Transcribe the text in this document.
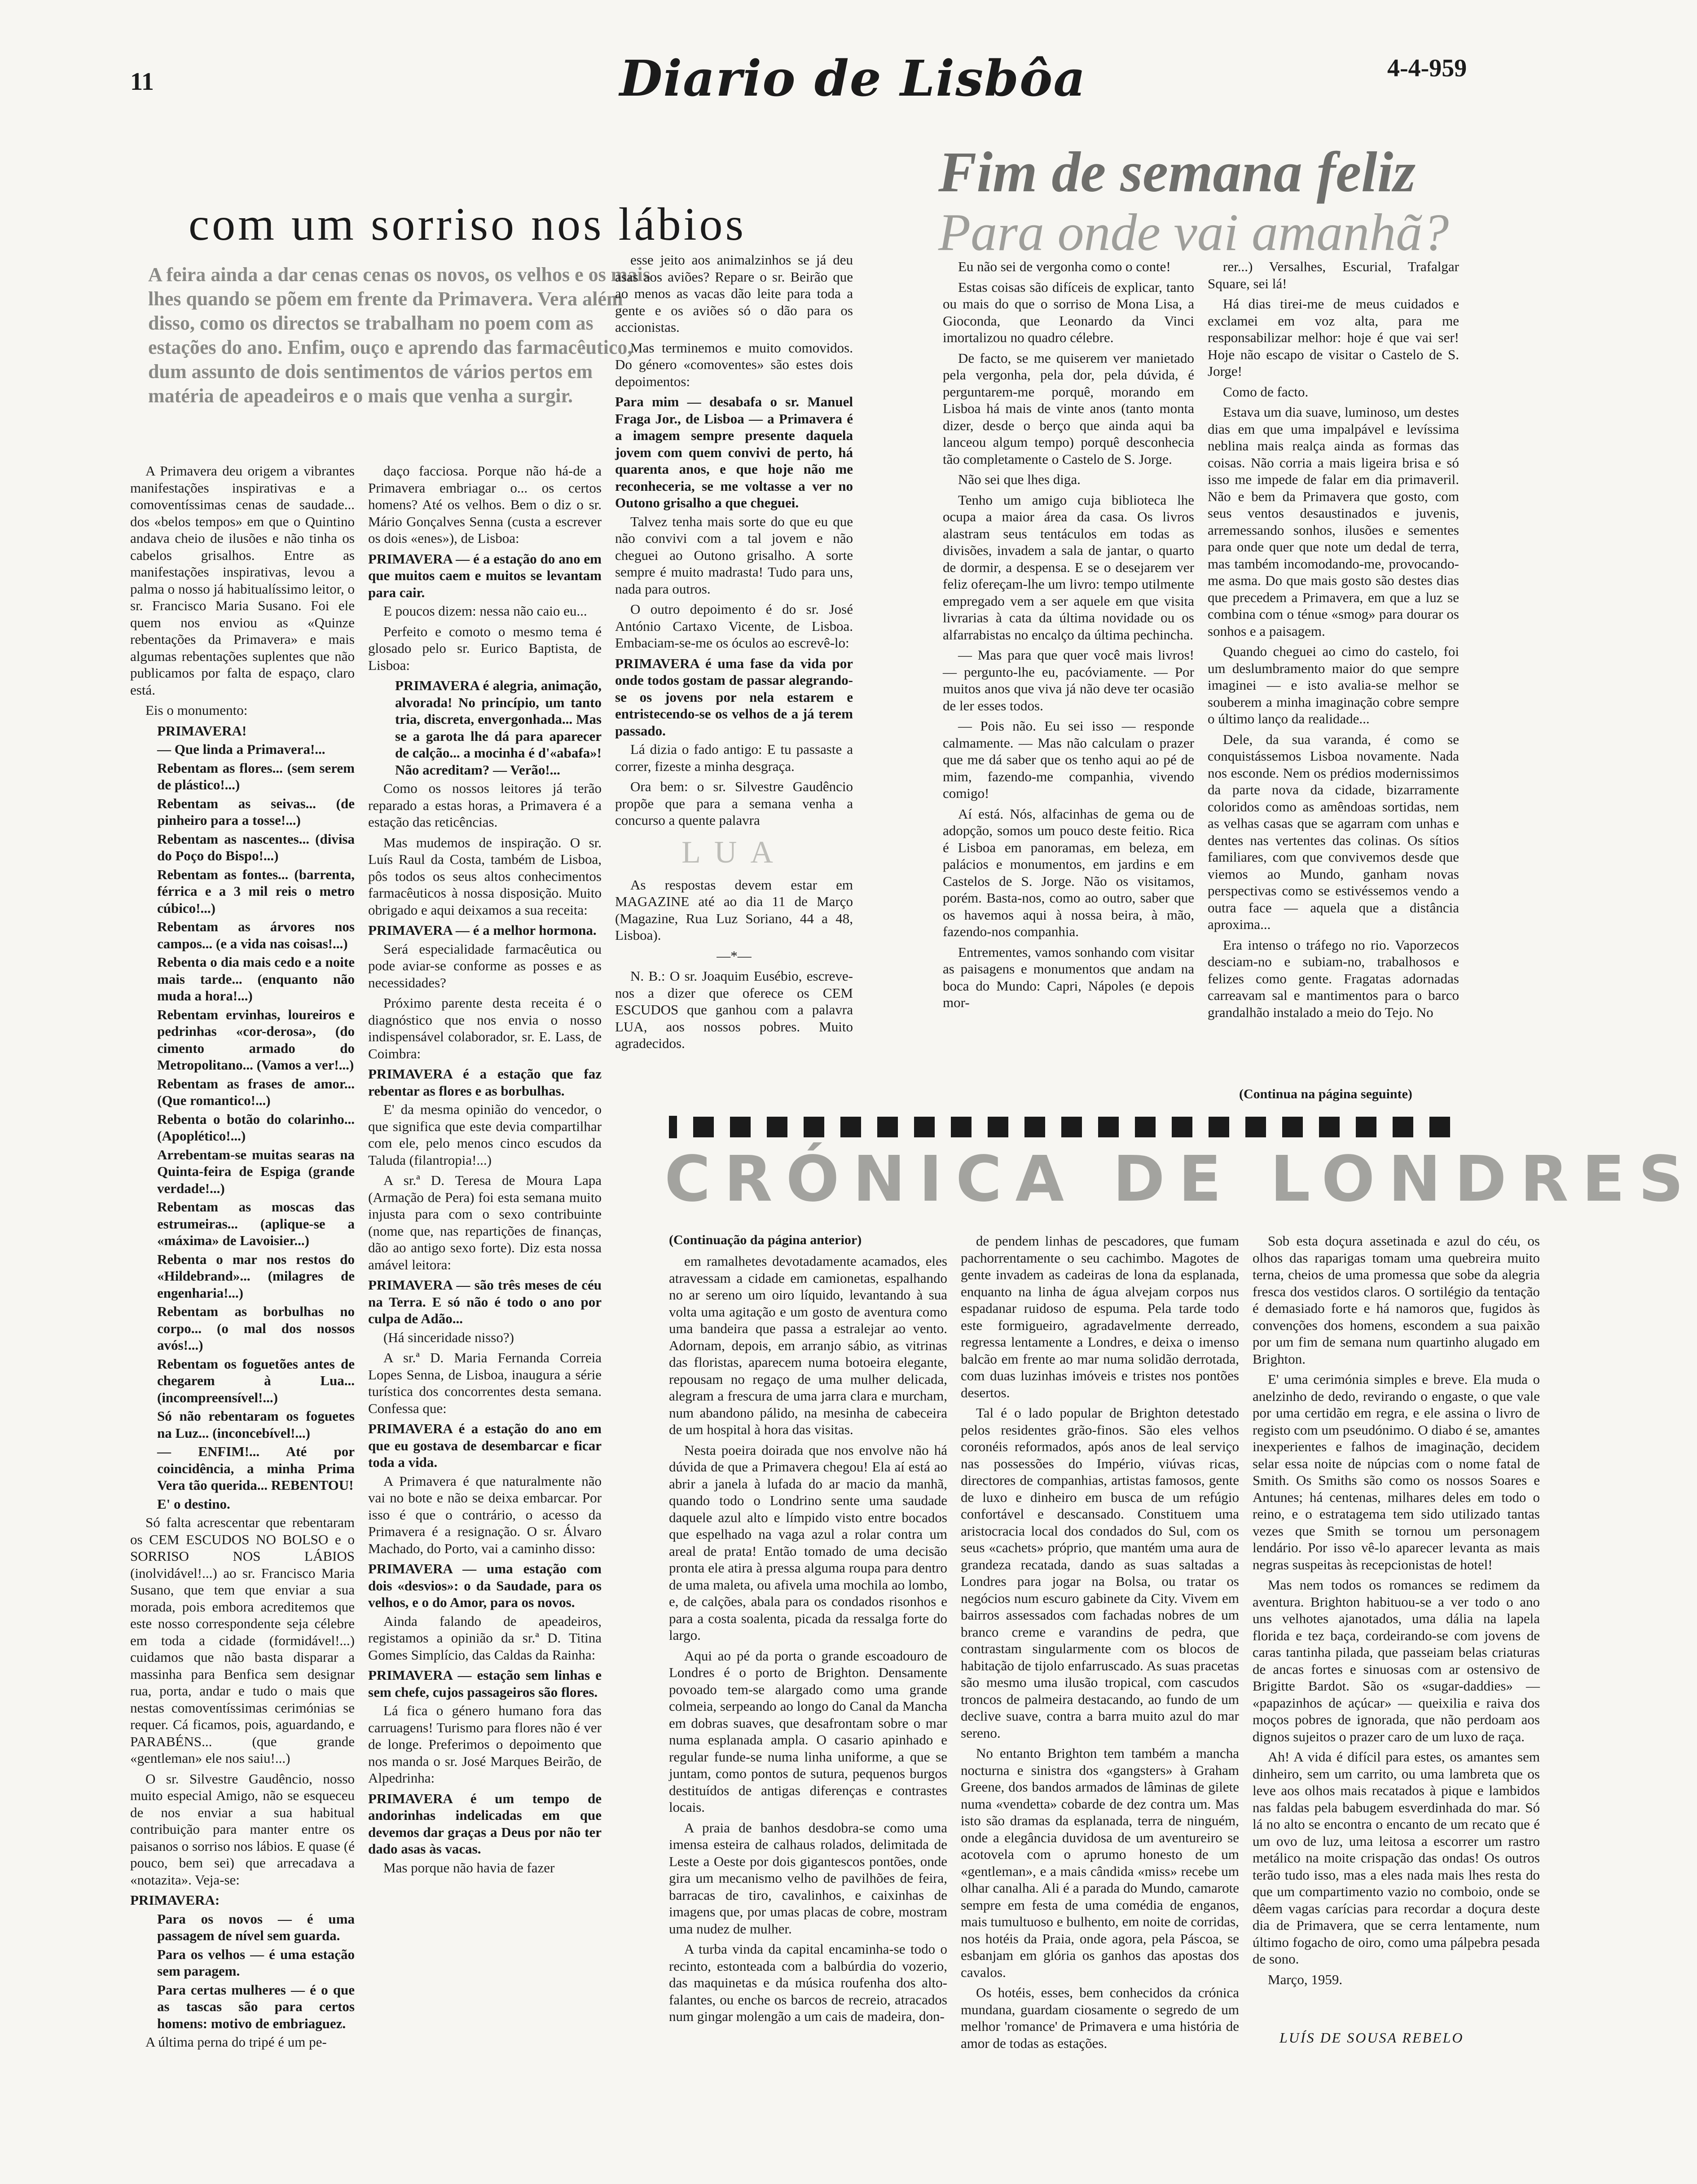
11	Diario de Lisbôa	4-4-959
com um sorriso nos lábios
A feira ainda a dar cenas cenas os novos, os velhos e os mais lhes quando se põem em frente da Primavera. Vera além disso, como os directos se trabalham no poem com as estações do ano. Enfim, ouço e aprendo das farmacêutico, dum assunto de dois sentimentos de vários pertos em matéria de apeadeiros e o mais que venha a surgir.

A Primavera deu origem a vibrantes manifestações inspirativas e a comoventíssimas cenas de saudade... dos «belos tempos» em que o Quintino andava cheio de ilusões e não tinha os cabelos grisalhos. Entre as manifestações inspirativas, levou a palma o nosso já habitualíssimo leitor, o sr. Francisco Maria Susano. Foi ele quem nos enviou as «Quinze rebentações da Primavera» e mais algumas rebentações suplentes que não publicamos por falta de espaço, claro está.

Eis o monumento:

PRIMAVERA!

— Que linda a Primavera!...

Rebentam as flores... (sem serem de plástico!...)

Rebentam as seivas... (de pinheiro para a tosse!...)

Rebentam as nascentes... (divisa do Poço do Bispo!...)

Rebentam as fontes... (barrenta, férrica e a 3 mil reis o metro cúbico!...)

Rebentam as árvores nos campos... (e a vida nas coisas!...)

Rebenta o dia mais cedo e a noite mais tarde... (enquanto não muda a hora!...)

Rebentam ervinhas, loureiros e pedrinhas «cor-derosa», (do cimento armado do Metropolitano... (Vamos a ver!...)

Rebentam as frases de amor... (Que romantico!...)

Rebenta o botão do colarinho... (Apoplético!...)

Arrebentam-se muitas searas na Quinta-feira de Espiga (grande verdade!...)

Rebentam as moscas das estrumeiras... (aplique-se a «máxima» de Lavoisier...)

Rebenta o mar nos restos do «Hildebrand»... (milagres de engenharia!...)

Rebentam as borbulhas no corpo... (o mal dos nossos avós!...)

Rebentam os foguetões antes de chegarem à Lua... (incompreensível!...)

Só não rebentaram os foguetes na Luz... (inconcebível!...)

— ENFIM!... Até por coincidência, a minha Prima Vera tão querida... REBENTOU!

E' o destino.

Só falta acrescentar que rebentaram os CEM ESCUDOS NO BOLSO e o SORRISO NOS LÁBIOS (inolvidável!...) ao sr. Francisco Maria Susano, que tem que enviar a sua morada, pois embora acreditemos que este nosso correspondente seja célebre em toda a cidade (formidável!...) cuidamos que não basta disparar a massinha para Benfica sem designar rua, porta, andar e tudo o mais que nestas comoventíssimas cerimónias se requer. Cá ficamos, pois, aguardando, e PARABÉNS... (que grande «gentleman» ele nos saiu!...)

O sr. Silvestre Gaudêncio, nosso muito especial Amigo, não se esqueceu de nos enviar a sua habitual contribuição para manter entre os paisanos o sorriso nos lábios. E quase (é pouco, bem sei) que arrecadava a «notazita». Veja-se:

PRIMAVERA:

Para os novos — é uma passagem de nível sem guarda.

Para os velhos — é uma estação sem paragem.

Para certas mulheres — é o que as tascas são para certos homens: motivo de embriaguez.

A última perna do tripé é um pe-

daço facciosa. Porque não há-de a Primavera embriagar o... os certos homens? Até os velhos. Bem o diz o sr. Mário Gonçalves Senna (custa a escrever os dois «enes»), de Lisboa:

PRIMAVERA — é a estação do ano em que muitos caem e muitos se levantam para cair.

E poucos dizem: nessa não caio eu...

Perfeito e comoto o mesmo tema é glosado pelo sr. Eurico Baptista, de Lisboa:

PRIMAVERA é alegria, animação, alvorada! No princípio, um tanto tria, discreta, envergonhada... Mas se a garota lhe dá para aparecer de calção... a mocinha é d'«abafa»! Não acreditam? — Verão!...

Como os nossos leitores já terão reparado a estas horas, a Primavera é a estação das reticências.

Mas mudemos de inspiração. O sr. Luís Raul da Costa, também de Lisboa, pôs todos os seus altos conhecimentos farmacêuticos à nossa disposição. Muito obrigado e aqui deixamos a sua receita:

PRIMAVERA — é a melhor hormona.

Será especialidade farmacêutica ou pode aviar-se conforme as posses e as necessidades?

Próximo parente desta receita é o diagnóstico que nos envia o nosso indispensável colaborador, sr. E. Lass, de Coimbra:

PRIMAVERA é a estação que faz rebentar as flores e as borbulhas.

E' da mesma opinião do vencedor, o que significa que este devia compartilhar com ele, pelo menos cinco escudos da Taluda (filantropia!...)

A sr.ª D. Teresa de Moura Lapa (Armação de Pera) foi esta semana muito injusta para com o sexo contribuinte (nome que, nas repartições de finanças, dão ao antigo sexo forte). Diz esta nossa amável leitora:

PRIMAVERA — são três meses de céu na Terra. E só não é todo o ano por culpa de Adão...

(Há sinceridade nisso?)

A sr.ª D. Maria Fernanda Correia Lopes Senna, de Lisboa, inaugura a série turística dos concorrentes desta semana. Confessa que:

PRIMAVERA é a estação do ano em que eu gostava de desembarcar e ficar toda a vida.

A Primavera é que naturalmente não vai no bote e não se deixa embarcar. Por isso é que o contrário, o acesso da Primavera é a resignação. O sr. Álvaro Machado, do Porto, vai a caminho disso:

PRIMAVERA — uma estação com dois «desvios»: o da Saudade, para os velhos, e o do Amor, para os novos.

Ainda falando de apeadeiros, registamos a opinião da sr.ª D. Titina Gomes Simplício, das Caldas da Rainha:

PRIMAVERA — estação sem linhas e sem chefe, cujos passageiros são flores.

Lá fica o género humano fora das carruagens! Turismo para flores não é ver de longe. Preferimos o depoimento que nos manda o sr. José Marques Beirão, de Alpedrinha:

PRIMAVERA é um tempo de andorinhas indelicadas em que devemos dar graças a Deus por não ter dado asas às vacas.

Mas porque não havia de fazer

esse jeito aos animalzinhos se já deu asas aos aviões? Repare o sr. Beirão que ao menos as vacas dão leite para toda a gente e os aviões só o dão para os accionistas.

Mas terminemos e muito comovidos. Do género «comoventes» são estes dois depoimentos:

Para mim — desabafa o sr. Manuel Fraga Jor., de Lisboa — a Primavera é a imagem sempre presente daquela jovem com quem convivi de perto, há quarenta anos, e que hoje não me reconheceria, se me voltasse a ver no Outono grisalho a que cheguei.

Talvez tenha mais sorte do que eu que não convivi com a tal jovem e não cheguei ao Outono grisalho. A sorte sempre é muito madrasta! Tudo para uns, nada para outros.

O outro depoimento é do sr. José António Cartaxo Vicente, de Lisboa. Embaciam-se-me os óculos ao escrevê-lo:

PRIMAVERA é uma fase da vida por onde todos gostam de passar alegrando-se os jovens por nela estarem e entristecendo-se os velhos de a já terem passado.

Lá dizia o fado antigo: E tu passaste a correr, fizeste a minha desgraça.

Ora bem: o sr. Silvestre Gaudêncio propõe que para a semana venha a concurso a quente palavra

LUA

As respostas devem estar em MAGAZINE até ao dia 11 de Março (Magazine, Rua Luz Soriano, 44 a 48, Lisboa).

—*—

N. B.: O sr. Joaquim Eusébio, escreve-nos a dizer que oferece os CEM ESCUDOS que ganhou com a palavra LUA, aos nossos pobres. Muito agradecidos.

Fim de semana feliz
Para onde vai amanhã?

Eu não sei de vergonha como o conte!

Estas coisas são difíceis de explicar, tanto ou mais do que o sorriso de Mona Lisa, a Gioconda, que Leonardo da Vinci imortalizou no quadro célebre.

De facto, se me quiserem ver manietado pela vergonha, pela dor, pela dúvida, é perguntarem-me porquê, morando em Lisboa há mais de vinte anos (tanto monta dizer, desde o berço que ainda aqui ba lanceou algum tempo) porquê desconhecia tão completamente o Castelo de S. Jorge.

Não sei que lhes diga.

Tenho um amigo cuja biblioteca lhe ocupa a maior área da casa. Os livros alastram seus tentáculos em todas as divisões, invadem a sala de jantar, o quarto de dormir, a despensa. E se o desejarem ver feliz ofereçam-lhe um livro: tempo utilmente empregado vem a ser aquele em que visita livrarias à cata da última novidade ou os alfarrabistas no encalço da última pechincha.

— Mas para que quer você mais livros! — pergunto-lhe eu, pacóviamente. — Por muitos anos que viva já não deve ter ocasião de ler esses todos.

— Pois não. Eu sei isso — responde calmamente. — Mas não calculam o prazer que me dá saber que os tenho aqui ao pé de mim, fazendo-me companhia, vivendo comigo!

Aí está. Nós, alfacinhas de gema ou de adopção, somos um pouco deste feitio. Rica é Lisboa em panoramas, em beleza, em palácios e monumentos, em jardins e em Castelos de S. Jorge. Não os visitamos, porém. Basta-nos, como ao outro, saber que os havemos aqui à nossa beira, à mão, fazendo-nos companhia.

Entrementes, vamos sonhando com visitar as paisagens e monumentos que andam na boca do Mundo: Capri, Nápoles (e depois mor-

rer...) Versalhes, Escurial, Trafalgar Square, sei lá!

Há dias tirei-me de meus cuidados e exclamei em voz alta, para me responsabilizar melhor: hoje é que vai ser! Hoje não escapo de visitar o Castelo de S. Jorge!

Como de facto.

Estava um dia suave, luminoso, um destes dias em que uma impalpável e levíssima neblina mais realça ainda as formas das coisas. Não corria a mais ligeira brisa e só isso me impede de falar em dia primaveril. Não e bem da Primavera que gosto, com seus ventos desaustinados e juvenis, arremessando sonhos, ilusões e sementes para onde quer que note um dedal de terra, mas também incomodando-me, provocando-me asma. Do que mais gosto são destes dias que precedem a Primavera, em que a luz se combina com o ténue «smog» para dourar os sonhos e a paisagem.

Quando cheguei ao cimo do castelo, foi um deslumbramento maior do que sempre imaginei — e isto avalia-se melhor se souberem a minha imaginação cobre sempre o último lanço da realidade...

Dele, da sua varanda, é como se conquistássemos Lisboa novamente. Nada nos esconde. Nem os prédios modernissimos da parte nova da cidade, bizarramente coloridos como as amêndoas sortidas, nem as velhas casas que se agarram com unhas e dentes nas vertentes das colinas. Os sítios familiares, com que convivemos desde que viemos ao Mundo, ganham novas perspectivas como se estivéssemos vendo a outra face — aquela que a distância aproxima...

Era intenso o tráfego no rio. Vaporzecos desciam-no e subiam-no, trabalhosos e felizes como gente. Fragatas adornadas carreavam sal e mantimentos para o barco grandalhão instalado a meio do Tejo. No

(Continua na página seguinte)
CRÓNICA DE LONDRES
(Continuação da página anterior)

em ramalhetes devotadamente acamados, eles atravessam a cidade em camionetas, espalhando no ar sereno um oiro líquido, levantando à sua volta uma agitação e um gosto de aventura como uma bandeira que passa a estralejar ao vento. Adornam, depois, em arranjo sábio, as vitrinas das floristas, aparecem numa botoeira elegante, repousam no regaço de uma mulher delicada, alegram a frescura de uma jarra clara e murcham, num abandono pálido, na mesinha de cabeceira de um hospital à hora das visitas.

Nesta poeira doirada que nos envolve não há dúvida de que a Primavera chegou! Ela aí está ao abrir a janela à lufada do ar macio da manhã, quando todo o Londrino sente uma saudade daquele azul alto e límpido visto entre bocados que espelhado na vaga azul a rolar contra um areal de prata! Então tomado de uma decisão pronta ele atira à pressa alguma roupa para dentro de uma maleta, ou afivela uma mochila ao lombo, e, de calções, abala para os condados risonhos e para a costa soalenta, picada da ressalga forte do largo.

Aqui ao pé da porta o grande escoadouro de Londres é o porto de Brighton. Densamente povoado tem-se alargado como uma grande colmeia, serpeando ao longo do Canal da Mancha em dobras suaves, que desafrontam sobre o mar numa esplanada ampla. O casario apinhado e regular funde-se numa linha uniforme, a que se juntam, como pontos de sutura, pequenos burgos destituídos de antigas diferenças e contrastes locais.

A praia de banhos desdobra-se como uma imensa esteira de calhaus rolados, delimitada de Leste a Oeste por dois gigantescos pontões, onde gira um mecanismo velho de pavilhões de feira, barracas de tiro, cavalinhos, e caixinhas de imagens que, por umas placas de cobre, mostram uma nudez de mulher.

A turba vinda da capital encaminha-se todo o recinto, estonteada com a balbúrdia do vozerio, das maquinetas e da música roufenha dos alto-falantes, ou enche os barcos de recreio, atracados num gingar molengão a um cais de madeira, don-

de pendem linhas de pescadores, que fumam pachorrentamente o seu cachimbo. Magotes de gente invadem as cadeiras de lona da esplanada, enquanto na linha de água alvejam corpos nus espadanar ruidoso de espuma. Pela tarde todo este formigueiro, agradavelmente derreado, regressa lentamente a Londres, e deixa o imenso balcão em frente ao mar numa solidão derrotada, com duas luzinhas imóveis e tristes nos pontões desertos.

Tal é o lado popular de Brighton detestado pelos residentes grão-finos. São eles velhos coronéis reformados, após anos de leal serviço nas possessões do Império, viúvas ricas, directores de companhias, artistas famosos, gente de luxo e dinheiro em busca de um refúgio confortável e descansado. Constituem uma aristocracia local dos condados do Sul, com os seus «cachets» próprio, que mantém uma aura de grandeza recatada, dando as suas saltadas a Londres para jogar na Bolsa, ou tratar os negócios num escuro gabinete da City. Vivem em bairros assessados com fachadas nobres de um branco creme e varandins de pedra, que contrastam singularmente com os blocos de habitação de tijolo enfarruscado. As suas pracetas são mesmo uma ilusão tropical, com cascudos troncos de palmeira destacando, ao fundo de um declive suave, contra a barra muito azul do mar sereno.

No entanto Brighton tem também a mancha nocturna e sinistra dos «gangsters» à Graham Greene, dos bandos armados de lâminas de gilete numa «vendetta» cobarde de dez contra um. Mas isto são dramas da esplanada, terra de ninguém, onde a elegância duvidosa de um aventureiro se acotovela com o aprumo honesto de um «gentleman», e a mais cândida «miss» recebe um olhar canalha. Ali é a parada do Mundo, camarote sempre em festa de uma comédia de enganos, mais tumultuoso e bulhento, em noite de corridas, nos hotéis da Praia, onde agora, pela Páscoa, se esbanjam em glória os ganhos das apostas dos cavalos.

Os hotéis, esses, bem conhecidos da crónica mundana, guardam ciosamente o segredo de um melhor 'romance' de Primavera e uma história de amor de todas as estações.

Sob esta doçura assetinada e azul do céu, os olhos das raparigas tomam uma quebreira muito terna, cheios de uma promessa que sobe da alegria fresca dos vestidos claros. O sortilégio da tentação é demasiado forte e há namoros que, fugidos às convenções dos homens, escondem a sua paixão por um fim de semana num quartinho alugado em Brighton.

E' uma cerimónia simples e breve. Ela muda o anelzinho de dedo, revirando o engaste, o que vale por uma certidão em regra, e ele assina o livro de registo com um pseudónimo. O diabo é se, amantes inexperientes e falhos de imaginação, decidem selar essa noite de núpcias com o nome fatal de Smith. Os Smiths são como os nossos Soares e Antunes; há centenas, milhares deles em todo o reino, e o estratagema tem sido utilizado tantas vezes que Smith se tornou um personagem lendário. Por isso vê-lo aparecer levanta as mais negras suspeitas às recepcionistas de hotel!

Mas nem todos os romances se redimem da aventura. Brighton habituou-se a ver todo o ano uns velhotes ajanotados, uma dália na lapela florida e tez baça, cordeirando-se com jovens de caras tantinha pilada, que passeiam belas criaturas de ancas fortes e sinuosas com ar ostensivo de Brigitte Bardot. São os «sugar-daddies» — «papazinhos de açúcar» — queixilia e raiva dos moços pobres de ignorada, que não perdoam aos dignos sujeitos o prazer caro de um luxo de raça.

Ah! A vida é difícil para estes, os amantes sem dinheiro, sem um carrito, ou uma lambreta que os leve aos olhos mais recatados à pique e lambidos nas faldas pela babugem esverdinhada do mar. Só lá no alto se encontra o encanto de um recato que é um ovo de luz, uma leitosa a escorrer um rastro metálico na moite crispação das ondas! Os outros terão tudo isso, mas a eles nada mais lhes resta do que um compartimento vazio no comboio, onde se dêem vagas carícias para recordar a doçura deste dia de Primavera, que se cerra lentamente, num último fogacho de oiro, como uma pálpebra pesada de sono.

Março, 1959.

LUÍS DE SOUSA REBELO
